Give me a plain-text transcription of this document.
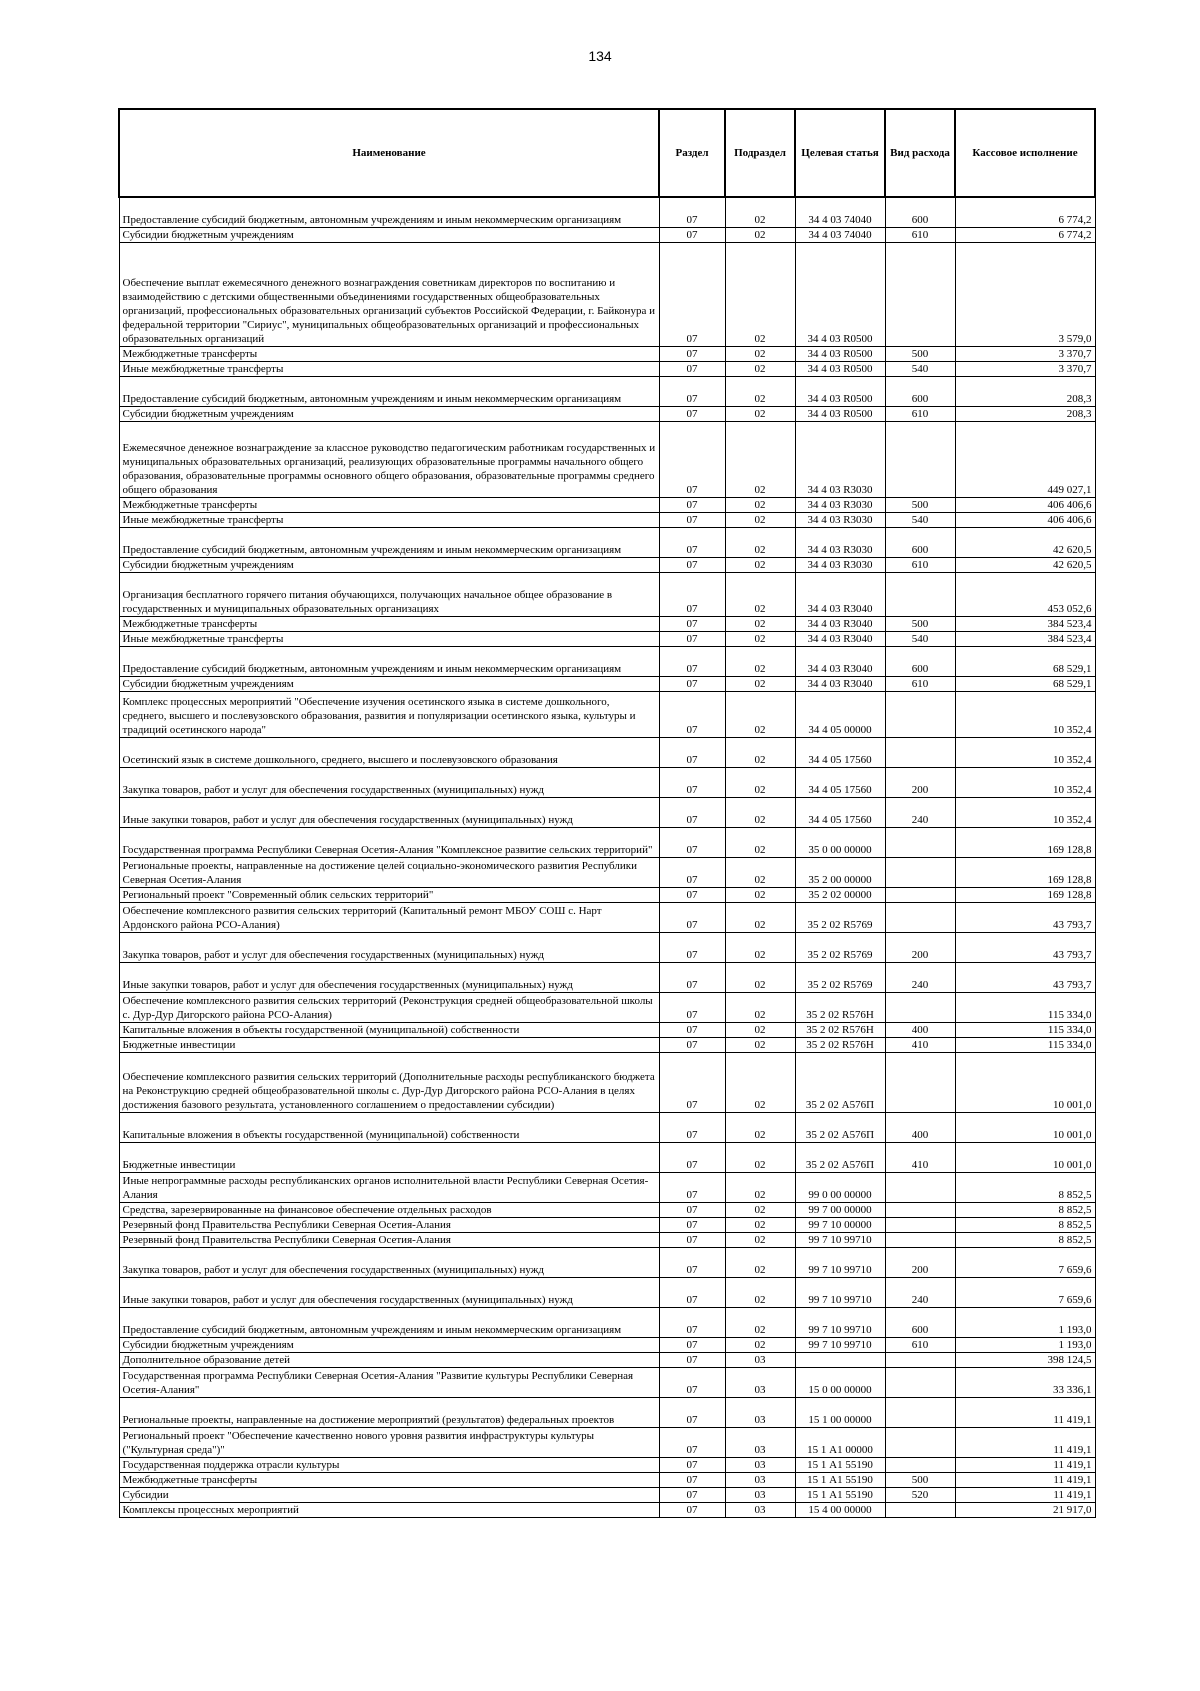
134
Наименование	Раздел	Подраздел	Целевая статья	Вид расхода	Кассовое исполнение
Предоставление субсидий бюджетным, автономным учреждениям и иным некоммерческим организациям	07	02	34 4 03 74040	600	6 774,2
Субсидии бюджетным учреждениям	07	02	34 4 03 74040	610	6 774,2
Обеспечение выплат ежемесячного денежного вознаграждения советникам директоров по воспитанию и взаимодействию с детскими общественными объединениями государственных общеобразовательных организаций, профессиональных образовательных организаций субъектов Российской Федерации, г. Байконура и федеральной территории "Сириус", муниципальных общеобразовательных организаций и профессиональных образовательных организаций	07	02	34 4 03 R0500		3 579,0
Межбюджетные трансферты	07	02	34 4 03 R0500	500	3 370,7
Иные межбюджетные трансферты	07	02	34 4 03 R0500	540	3 370,7
Предоставление субсидий бюджетным, автономным учреждениям и иным некоммерческим организациям	07	02	34 4 03 R0500	600	208,3
Субсидии бюджетным учреждениям	07	02	34 4 03 R0500	610	208,3
Ежемесячное денежное вознаграждение за классное руководство педагогическим работникам государственных и муниципальных образовательных организаций, реализующих образовательные программы начального общего образования, образовательные программы основного общего образования, образовательные программы среднего общего образования	07	02	34 4 03 R3030		449 027,1
Межбюджетные трансферты	07	02	34 4 03 R3030	500	406 406,6
Иные межбюджетные трансферты	07	02	34 4 03 R3030	540	406 406,6
Предоставление субсидий бюджетным, автономным учреждениям и иным некоммерческим организациям	07	02	34 4 03 R3030	600	42 620,5
Субсидии бюджетным учреждениям	07	02	34 4 03 R3030	610	42 620,5
Организация бесплатного горячего питания обучающихся, получающих начальное общее образование в государственных и муниципальных образовательных организациях	07	02	34 4 03 R3040		453 052,6
Межбюджетные трансферты	07	02	34 4 03 R3040	500	384 523,4
Иные межбюджетные трансферты	07	02	34 4 03 R3040	540	384 523,4
Предоставление субсидий бюджетным, автономным учреждениям и иным некоммерческим организациям	07	02	34 4 03 R3040	600	68 529,1
Субсидии бюджетным учреждениям	07	02	34 4 03 R3040	610	68 529,1
Комплекс процессных мероприятий "Обеспечение изучения осетинского языка в системе дошкольного, среднего, высшего и послевузовского образования, развития и популяризации осетинского языка, культуры и традиций осетинского народа"	07	02	34 4 05 00000		10 352,4
Осетинский язык в системе дошкольного, среднего, высшего и послевузовского образования	07	02	34 4 05 17560		10 352,4
Закупка товаров, работ и услуг для обеспечения государственных (муниципальных) нужд	07	02	34 4 05 17560	200	10 352,4
Иные закупки товаров, работ и услуг для обеспечения государственных (муниципальных) нужд	07	02	34 4 05 17560	240	10 352,4
Государственная программа Республики Северная Осетия-Алания "Комплексное развитие сельских территорий"	07	02	35 0 00 00000		169 128,8
Региональные проекты, направленные на достижение целей социально-экономического развития Республики Северная Осетия-Алания	07	02	35 2 00 00000		169 128,8
Региональный проект "Современный облик сельских территорий"	07	02	35 2 02 00000		169 128,8
Обеспечение комплексного развития сельских территорий (Капитальный ремонт МБОУ СОШ с. Нарт Ардонского района РСО-Алания)	07	02	35 2 02 R5769		43 793,7
Закупка товаров, работ и услуг для обеспечения государственных (муниципальных) нужд	07	02	35 2 02 R5769	200	43 793,7
Иные закупки товаров, работ и услуг для обеспечения государственных (муниципальных) нужд	07	02	35 2 02 R5769	240	43 793,7
Обеспечение комплексного развития сельских территорий (Реконструкция средней общеобразовательной школы с. Дур-Дур Дигорского района РСО-Алания)	07	02	35 2 02 R576Н		115 334,0
Капитальные вложения в объекты государственной (муниципальной) собственности	07	02	35 2 02 R576Н	400	115 334,0
Бюджетные инвестиции	07	02	35 2 02 R576Н	410	115 334,0
Обеспечение комплексного развития сельских территорий (Дополнительные расходы республиканского бюджета на Реконструкцию средней общеобразовательной школы с. Дур-Дур Дигорского района РСО-Алания в целях достижения базового результата, установленного соглашением о предоставлении субсидии)	07	02	35 2 02 А576П		10 001,0
Капитальные вложения в объекты государственной (муниципальной) собственности	07	02	35 2 02 А576П	400	10 001,0
Бюджетные инвестиции	07	02	35 2 02 А576П	410	10 001,0
Иные непрограммные расходы республиканских органов исполнительной власти Республики Северная Осетия-Алания	07	02	99 0 00 00000		8 852,5
Средства, зарезервированные на финансовое обеспечение отдельных расходов	07	02	99 7 00 00000		8 852,5
Резервный фонд Правительства Республики Северная Осетия-Алания	07	02	99 7 10 00000		8 852,5
Резервный фонд Правительства Республики Северная Осетия-Алания	07	02	99 7 10 99710		8 852,5
Закупка товаров, работ и услуг для обеспечения государственных (муниципальных) нужд	07	02	99 7 10 99710	200	7 659,6
Иные закупки товаров, работ и услуг для обеспечения государственных (муниципальных) нужд	07	02	99 7 10 99710	240	7 659,6
Предоставление субсидий бюджетным, автономным учреждениям и иным некоммерческим организациям	07	02	99 7 10 99710	600	1 193,0
Субсидии бюджетным учреждениям	07	02	99 7 10 99710	610	1 193,0
Дополнительное образование детей	07	03			398 124,5
Государственная программа Республики Северная Осетия-Алания "Развитие культуры Республики Северная Осетия-Алания"	07	03	15 0 00 00000		33 336,1
Региональные проекты, направленные на достижение мероприятий (результатов) федеральных проектов	07	03	15 1 00 00000		11 419,1
Региональный проект "Обеспечение качественно нового уровня развития инфраструктуры культуры ("Культурная среда")"	07	03	15 1 А1 00000		11 419,1
Государственная поддержка отрасли культуры	07	03	15 1 А1 55190		11 419,1
Межбюджетные трансферты	07	03	15 1 А1 55190	500	11 419,1
Субсидии	07	03	15 1 А1 55190	520	11 419,1
Комплексы процессных мероприятий	07	03	15 4 00 00000		21 917,0
